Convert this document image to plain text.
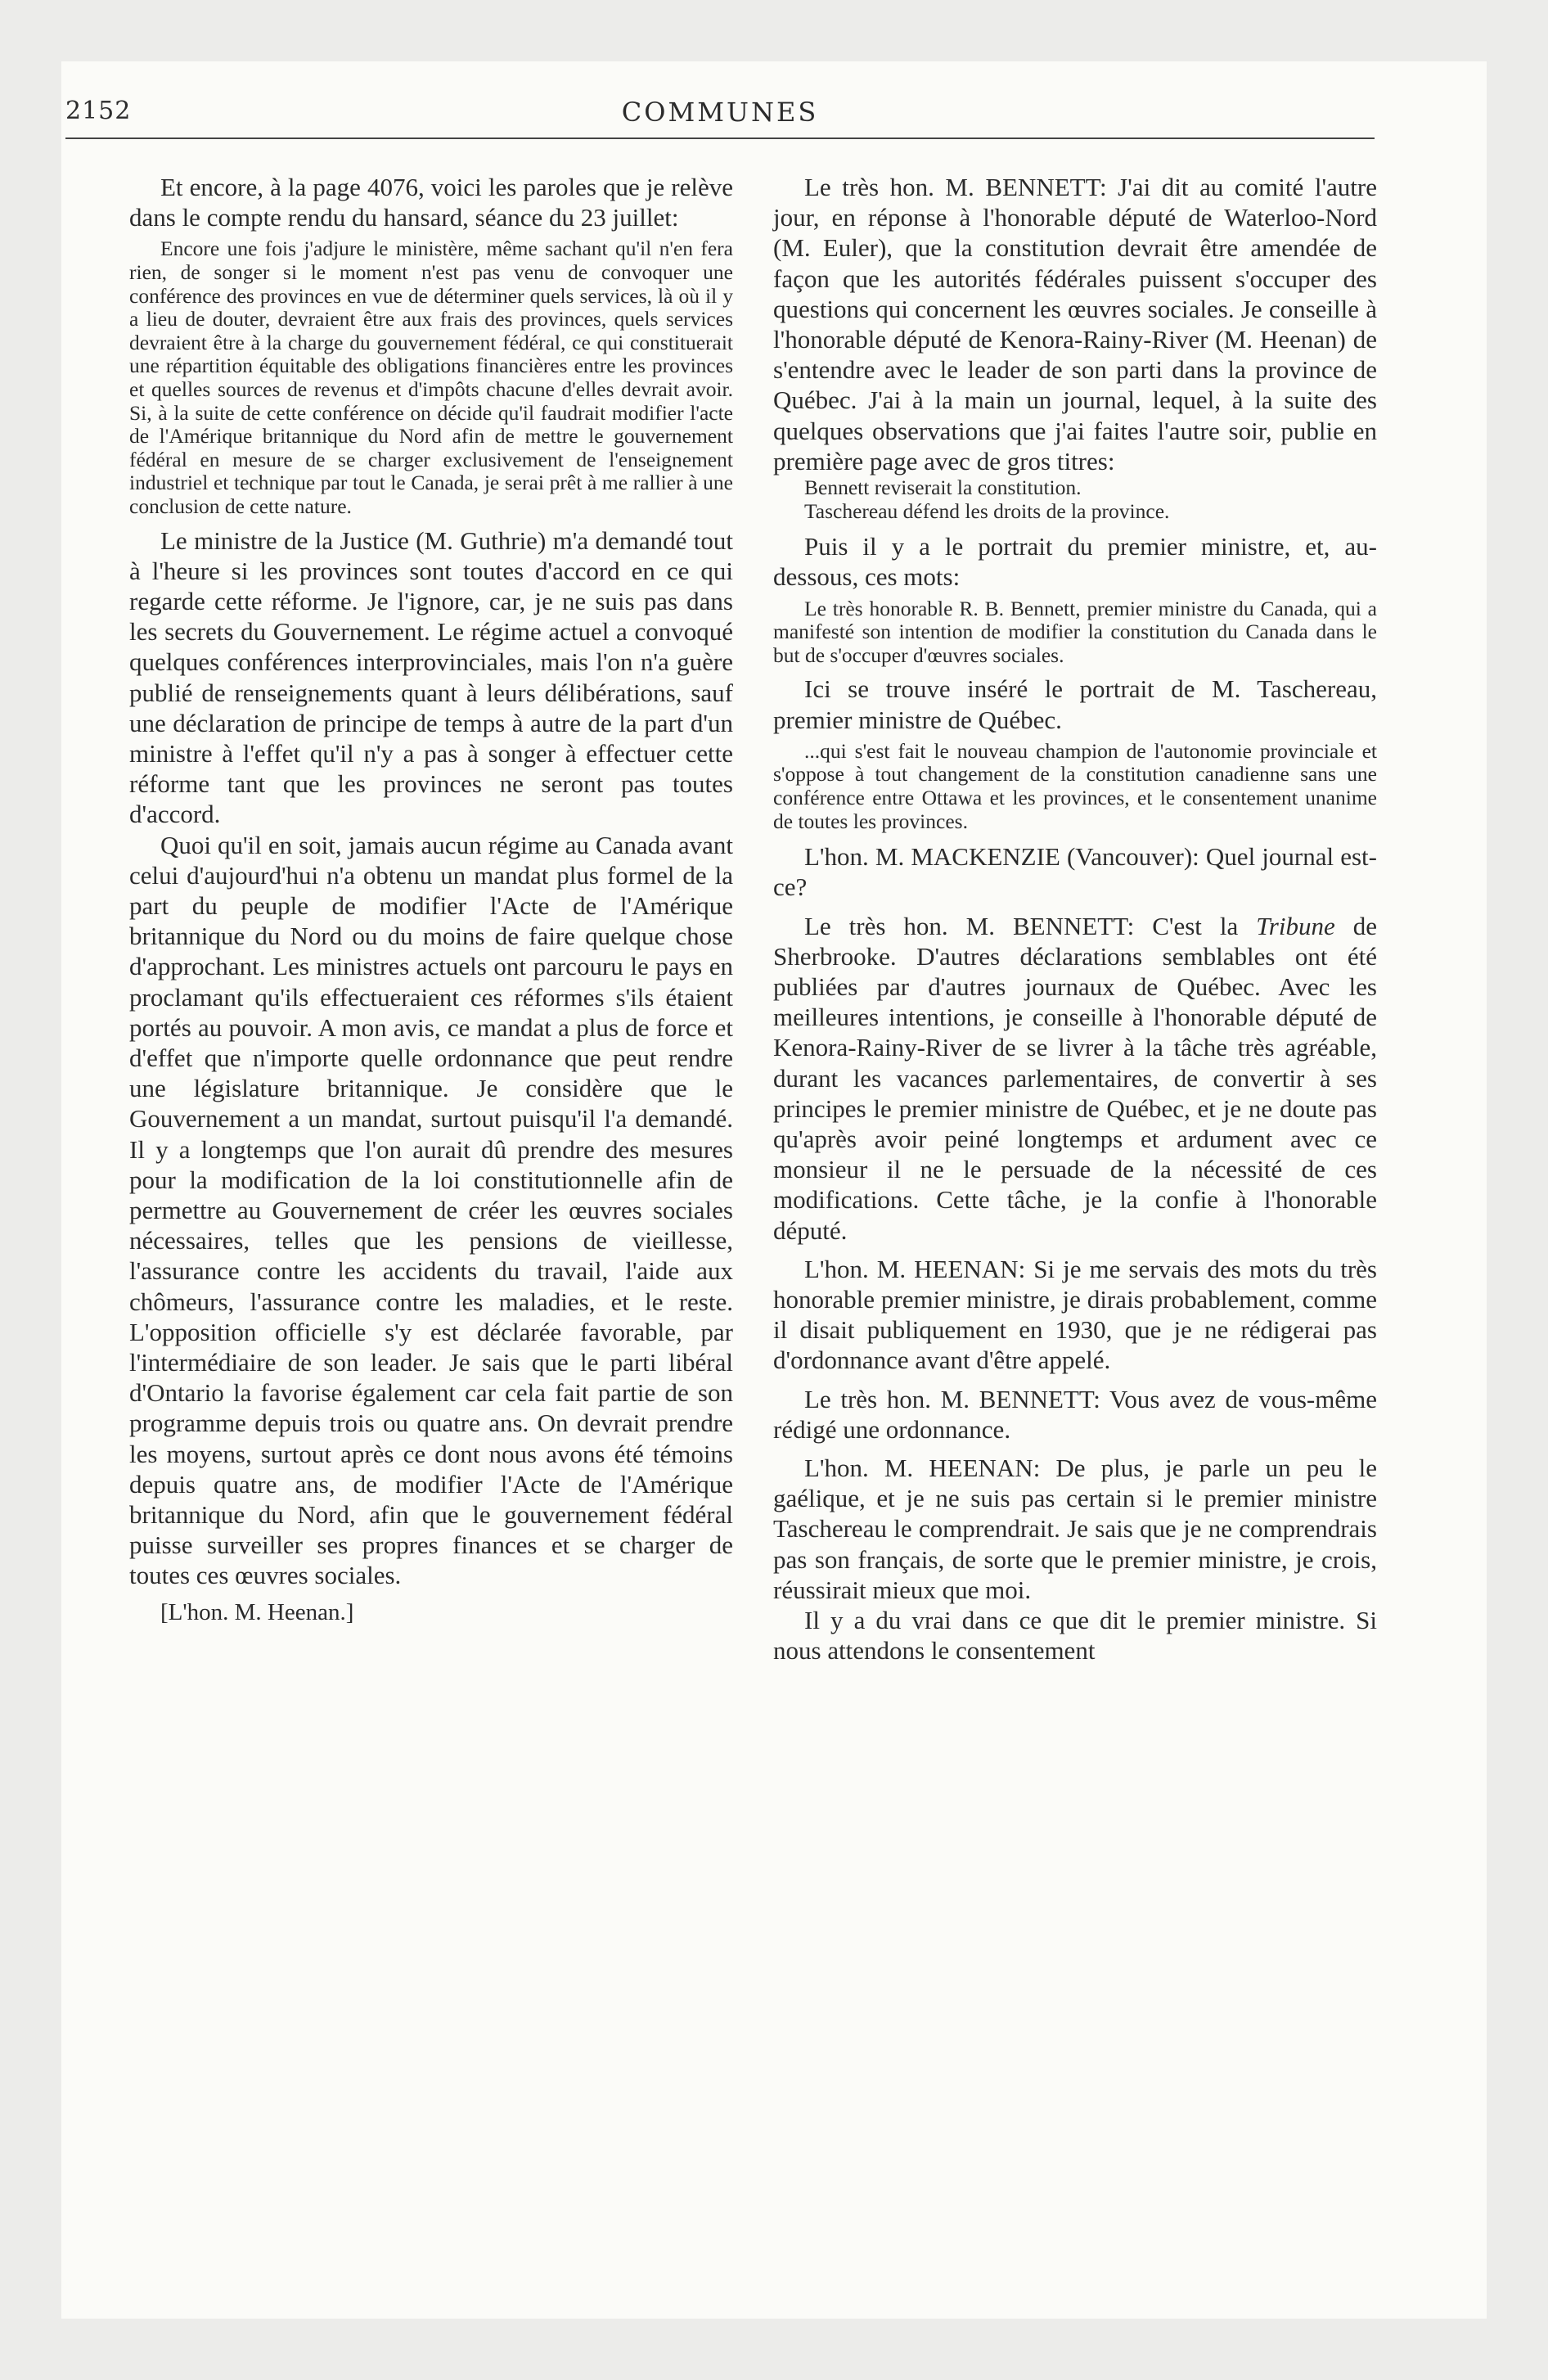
2152	COMMUNES

Et encore, à la page 4076, voici les paroles que je relève dans le compte rendu du hansard, séance du 23 juillet:

Encore une fois j'adjure le ministère, même sachant qu'il n'en fera rien, de songer si le moment n'est pas venu de convoquer une conférence des provinces en vue de déterminer quels services, là où il y a lieu de douter, devraient être aux frais des provinces, quels services devraient être à la charge du gouvernement fédéral, ce qui constituerait une répartition équitable des obligations financières entre les provinces et quelles sources de revenus et d'impôts chacune d'elles devrait avoir. Si, à la suite de cette conférence on décide qu'il faudrait modifier l'acte de l'Amérique britannique du Nord afin de mettre le gouvernement fédéral en mesure de se charger exclusivement de l'enseignement industriel et technique par tout le Canada, je serai prêt à me rallier à une conclusion de cette nature.

Le ministre de la Justice (M. Guthrie) m'a demandé tout à l'heure si les provinces sont toutes d'accord en ce qui regarde cette réforme. Je l'ignore, car, je ne suis pas dans les secrets du Gouvernement. Le régime actuel a convoqué quelques conférences interprovinciales, mais l'on n'a guère publié de renseignements quant à leurs délibérations, sauf une déclaration de principe de temps à autre de la part d'un ministre à l'effet qu'il n'y a pas à songer à effectuer cette réforme tant que les provinces ne seront pas toutes d'accord.

Quoi qu'il en soit, jamais aucun régime au Canada avant celui d'aujourd'hui n'a obtenu un mandat plus formel de la part du peuple de modifier l'Acte de l'Amérique britannique du Nord ou du moins de faire quelque chose d'approchant. Les ministres actuels ont parcouru le pays en proclamant qu'ils effectueraient ces réformes s'ils étaient portés au pouvoir. A mon avis, ce mandat a plus de force et d'effet que n'importe quelle ordonnance que peut rendre une législature britannique. Je considère que le Gouvernement a un mandat, surtout puisqu'il l'a demandé. Il y a longtemps que l'on aurait dû prendre des mesures pour la modification de la loi constitutionnelle afin de permettre au Gouvernement de créer les œuvres sociales nécessaires, telles que les pensions de vieillesse, l'assurance contre les accidents du travail, l'aide aux chômeurs, l'assurance contre les maladies, et le reste. L'opposition officielle s'y est déclarée favorable, par l'intermédiaire de son leader. Je sais que le parti libéral d'Ontario la favorise également car cela fait partie de son programme depuis trois ou quatre ans. On devrait prendre les moyens, surtout après ce dont nous avons été témoins depuis quatre ans, de modifier l'Acte de l'Amérique britannique du Nord, afin que le gouvernement fédéral puisse surveiller ses propres finances et se charger de toutes ces œuvres sociales.

[L'hon. M. Heenan.]

Le très hon. M. BENNETT: J'ai dit au comité l'autre jour, en réponse à l'honorable député de Waterloo-Nord (M. Euler), que la constitution devrait être amendée de façon que les autorités fédérales puissent s'occuper des questions qui concernent les œuvres sociales. Je conseille à l'honorable député de Kenora-Rainy-River (M. Heenan) de s'entendre avec le leader de son parti dans la province de Québec. J'ai à la main un journal, lequel, à la suite des quelques observations que j'ai faites l'autre soir, publie en première page avec de gros titres:

Bennett reviserait la constitution.

Taschereau défend les droits de la province.

Puis il y a le portrait du premier ministre, et, au-dessous, ces mots:

Le très honorable R. B. Bennett, premier ministre du Canada, qui a manifesté son intention de modifier la constitution du Canada dans le but de s'occuper d'œuvres sociales.

Ici se trouve inséré le portrait de M. Taschereau, premier ministre de Québec.

...qui s'est fait le nouveau champion de l'autonomie provinciale et s'oppose à tout changement de la constitution canadienne sans une conférence entre Ottawa et les provinces, et le consentement unanime de toutes les provinces.

L'hon. M. MACKENZIE (Vancouver): Quel journal est-ce?

Le très hon. M. BENNETT: C'est la Tribune de Sherbrooke. D'autres déclarations semblables ont été publiées par d'autres journaux de Québec. Avec les meilleures intentions, je conseille à l'honorable député de Kenora-Rainy-River de se livrer à la tâche très agréable, durant les vacances parlementaires, de convertir à ses principes le premier ministre de Québec, et je ne doute pas qu'après avoir peiné longtemps et ardument avec ce monsieur il ne le persuade de la nécessité de ces modifications. Cette tâche, je la confie à l'honorable député.

L'hon. M. HEENAN: Si je me servais des mots du très honorable premier ministre, je dirais probablement, comme il disait publiquement en 1930, que je ne rédigerai pas d'ordonnance avant d'être appelé.

Le très hon. M. BENNETT: Vous avez de vous-même rédigé une ordonnance.

L'hon. M. HEENAN: De plus, je parle un peu le gaélique, et je ne suis pas certain si le premier ministre Taschereau le comprendrait. Je sais que je ne comprendrais pas son français, de sorte que le premier ministre, je crois, réussirait mieux que moi.

Il y a du vrai dans ce que dit le premier ministre. Si nous attendons le consentement
